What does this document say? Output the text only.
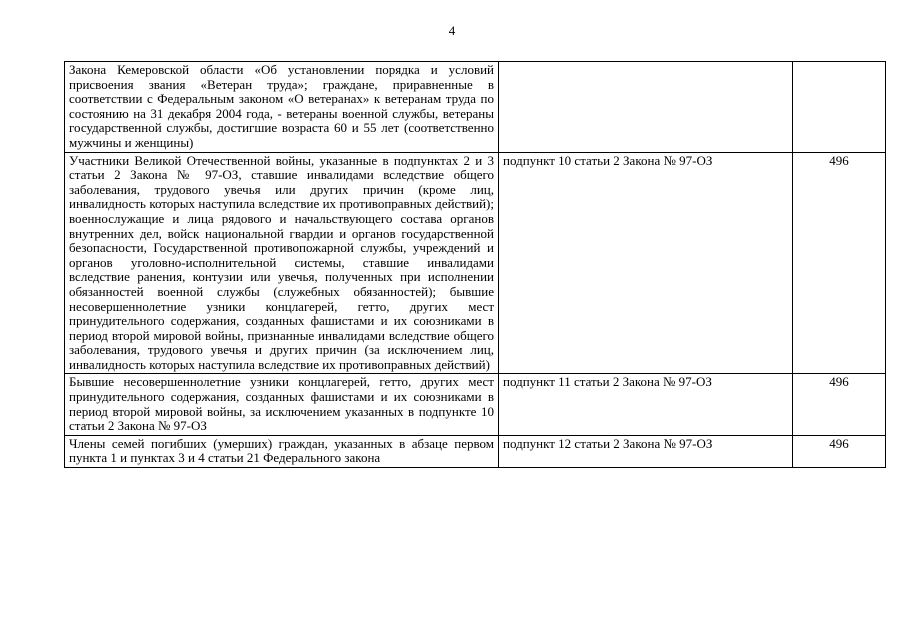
4
Закона Кемеровской области «Об установлении порядка и условий присвоения звания «Ветеран труда»; граждане, приравненные в соответствии с Федеральным законом «О ветеранах» к ветеранам труда по состоянию на 31 декабря 2004 года, - ветераны военной службы, ветераны государственной службы, достигшие возраста 60 и 55 лет (соответственно мужчины и женщины)		
Участники Великой Отечественной войны, указанные в подпунктах 2 и 3 статьи 2 Закона № 97-ОЗ, ставшие инвалидами вследствие общего заболевания, трудового увечья или других причин (кроме лиц, инвалидность которых наступила вследствие их противоправных действий); военнослужащие и лица рядового и начальствующего состава органов внутренних дел, войск национальной гвардии и органов государственной безопасности, Государственной противопожарной службы, учреждений и органов уголовно-исполнительной системы, ставшие инвалидами вследствие ранения, контузии или увечья, полученных при исполнении обязанностей военной службы (служебных обязанностей); бывшие несовершеннолетние узники концлагерей, гетто, других мест принудительного содержания, созданных фашистами и их союзниками в период второй мировой войны, признанные инвалидами вследствие общего заболевания, трудового увечья и других причин (за исключением лиц, инвалидность которых наступила вследствие их противоправных действий)	подпункт 10 статьи 2 Закона № 97-ОЗ	496
Бывшие несовершеннолетние узники концлагерей, гетто, других мест принудительного содержания, созданных фашистами и их союзниками в период второй мировой войны, за исключением указанных в подпункте 10 статьи 2 Закона № 97-ОЗ	подпункт 11 статьи 2 Закона № 97-ОЗ	496
Члены семей погибших (умерших) граждан, указанных в абзаце первом пункта 1 и пунктах 3 и 4 статьи 21 Федерального закона	подпункт 12 статьи 2 Закона № 97-ОЗ	496
